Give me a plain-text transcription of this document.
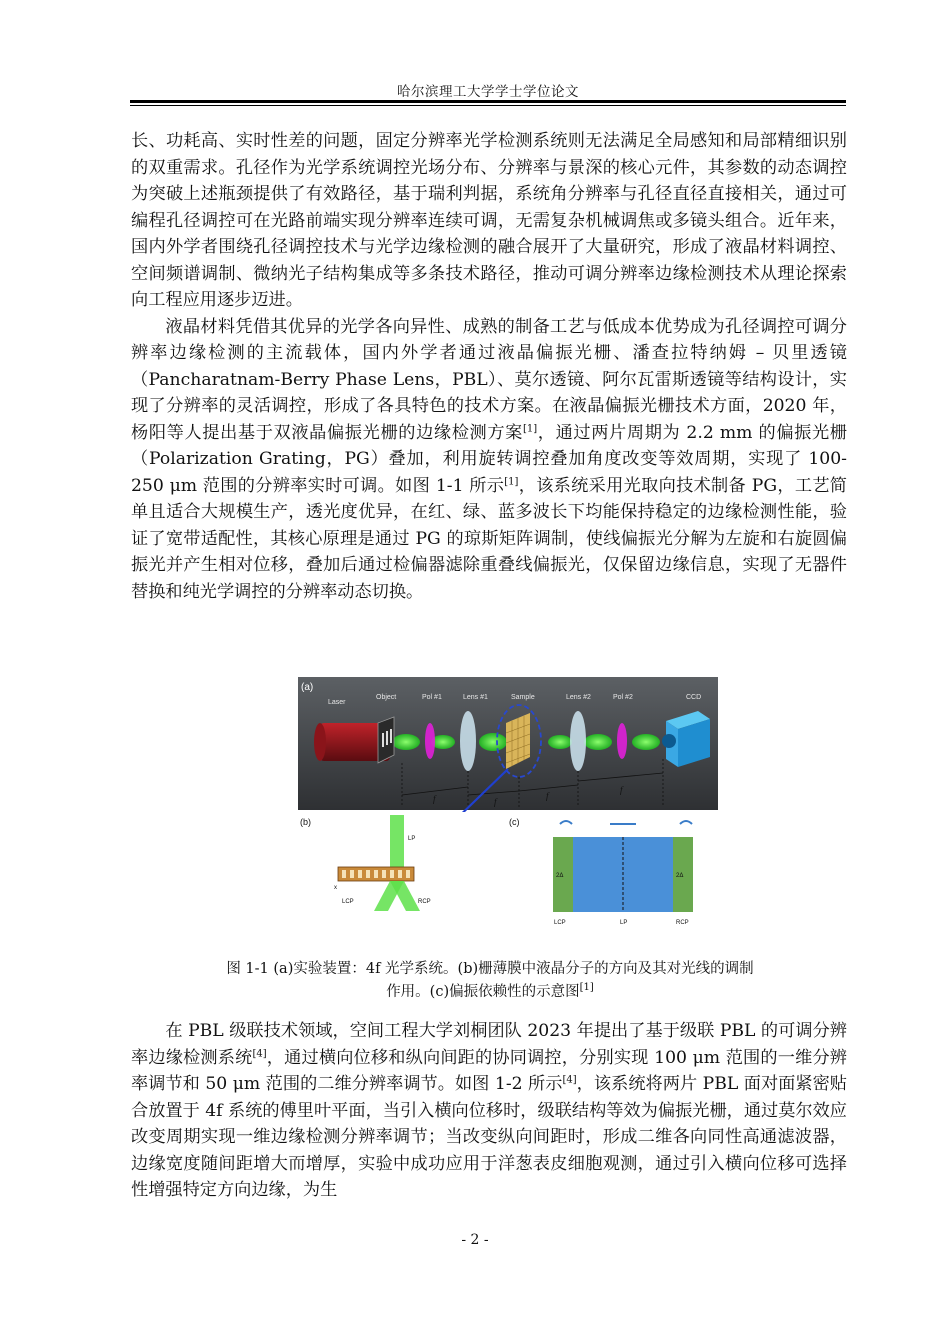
哈尔滨理工大学学士学位论文

长、功耗高、实时性差的问题，固定分辨率光学检测系统则无法满足全局感知和局部精细识别的双重需求。孔径作为光学系统调控光场分布、分辨率与景深的核心元件，其参数的动态调控为突破上述瓶颈提供了有效路径，基于瑞利判据，系统角分辨率与孔径直径直接相关，通过可编程孔径调控可在光路前端实现分辨率连续可调，无需复杂机械调焦或多镜头组合。近年来，国内外学者围绕孔径调控技术与光学边缘检测的融合展开了大量研究，形成了液晶材料调控、空间频谱调制、微纳光子结构集成等多条技术路径，推动可调分辨率边缘检测技术从理论探索向工程应用逐步迈进。

液晶材料凭借其优异的光学各向异性、成熟的制备工艺与低成本优势成为孔径调控可调分辨率边缘检测的主流载体，国内外学者通过液晶偏振光栅、潘查拉特纳姆 – 贝里透镜（Pancharatnam-Berry Phase Lens，PBL）、莫尔透镜、阿尔瓦雷斯透镜等结构设计，实现了分辨率的灵活调控，形成了各具特色的技术方案。在液晶偏振光栅技术方面，2020 年，杨阳等人提出基于双液晶偏振光栅的边缘检测方案[1]，通过两片周期为 2.2 mm 的偏振光栅（Polarization Grating，PG）叠加，利用旋转调控叠加角度改变等效周期，实现了 100-250 μm 范围的分辨率实时可调。如图 1-1 所示[1]，该系统采用光取向技术制备 PG，工艺简单且适合大规模生产，透光度优异，在红、绿、蓝多波长下均能保持稳定的边缘检测性能，验证了宽带适配性，其核心原理是通过 PG 的琼斯矩阵调制，使线偏振光分解为左旋和右旋圆偏振光并产生相对位移，叠加后通过检偏器滤除重叠线偏振光，仅保留边缘信息，实现了无器件替换和纯光学调控的分辨率动态切换。

(a)
Laser
Object	Pol #1	Lens #1	Sample	Lens #2	Pol #2	CCD
f	f
f
f
(b)
LP
x
LCP	RCP
(c)
2Δ	2Δ
LCP	LP	RCP
图 1-1 (a)实验装置：4f 光学系统。(b)栅薄膜中液晶分子的方向及其对光线的调制
作用。(c)偏振依赖性的示意图[1]

在 PBL 级联技术领域，空间工程大学刘桐团队 2023 年提出了基于级联 PBL 的可调分辨率边缘检测系统[4]，通过横向位移和纵向间距的协同调控，分别实现 100 μm 范围的一维分辨率调节和 50 μm 范围的二维分辨率调节。如图 1-2 所示[4]，该系统将两片 PBL 面对面紧密贴合放置于 4f 系统的傅里叶平面，当引入横向位移时，级联结构等效为偏振光栅，通过莫尔效应改变周期实现一维边缘检测分辨率调节；当改变纵向间距时，形成二维各向同性高通滤波器，边缘宽度随间距增大而增厚，实验中成功应用于洋葱表皮细胞观测，通过引入横向位移可选择性增强特定方向边缘，为生

- 2 -
